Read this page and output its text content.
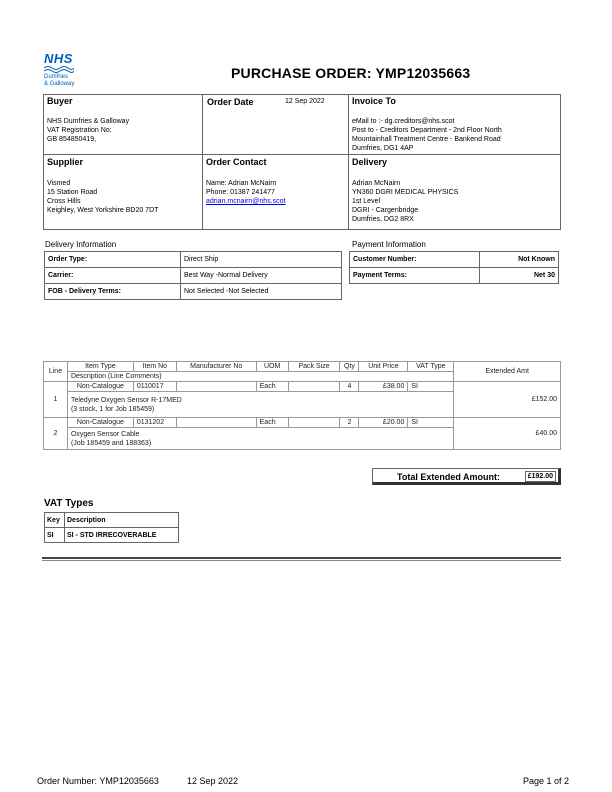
NHS
Dumfries
& Galloway
PURCHASE ORDER: YMP12035663
Buyer
NHS Dumfries & Galloway
VAT Registration No:
GB 854850419,
Order Date	12 Sep 2022	Invoice To
eMail to :- dg.creditors@nhs.scot
Post to - Creditors Department - 2nd Floor North
Mountainhall Treatment Centre - Bankend Road
Dumfries, DG1 4AP
Supplier
Vismed
15 Station Road
Cross Hills
Keighley, West Yorkshire BD20 7DT
Order Contact
Name: Adrian McNairn
Phone: 01387 241477
adrian.mcnairn@nhs.scot
Delivery
Adrian McNairn
YN360 DGRI MEDICAL PHYSICS
1st Level
DGRI - Cargenbridge
Dumfries, DG2 8RX
Delivery Information
Order Type:	Direct Ship
Carrier:	Best Way -Normal Delivery
FOB - Delivery Terms:	Not Selected -Not Selected
Payment Information
Customer Number:	Not Known
Payment Terms:	Net 30
Line	Item Type	Item No	Manufacturer No	UOM	Pack Size	Qty	Unit Price	VAT Type	Extended Amt
	Description (Line Comments)								
1	Non-Catalogue	0110017		Each		4	£38.00	SI	£152.00

	Teledyne Oxygen Sensor R-17MED
(3 stock, 1 for Job 185459)								

2	Non-Catalogue	0131202		Each		2	£20.00	SI	£40.00

	Oxygen Sensor Cable
(Job 185459 and 188363)								
Total Extended Amount:	£192.00
VAT Types
Key	Description
SI	SI - STD IRRECOVERABLE
Order Number: YMP12035663	12 Sep 2022	Page 1 of 2
